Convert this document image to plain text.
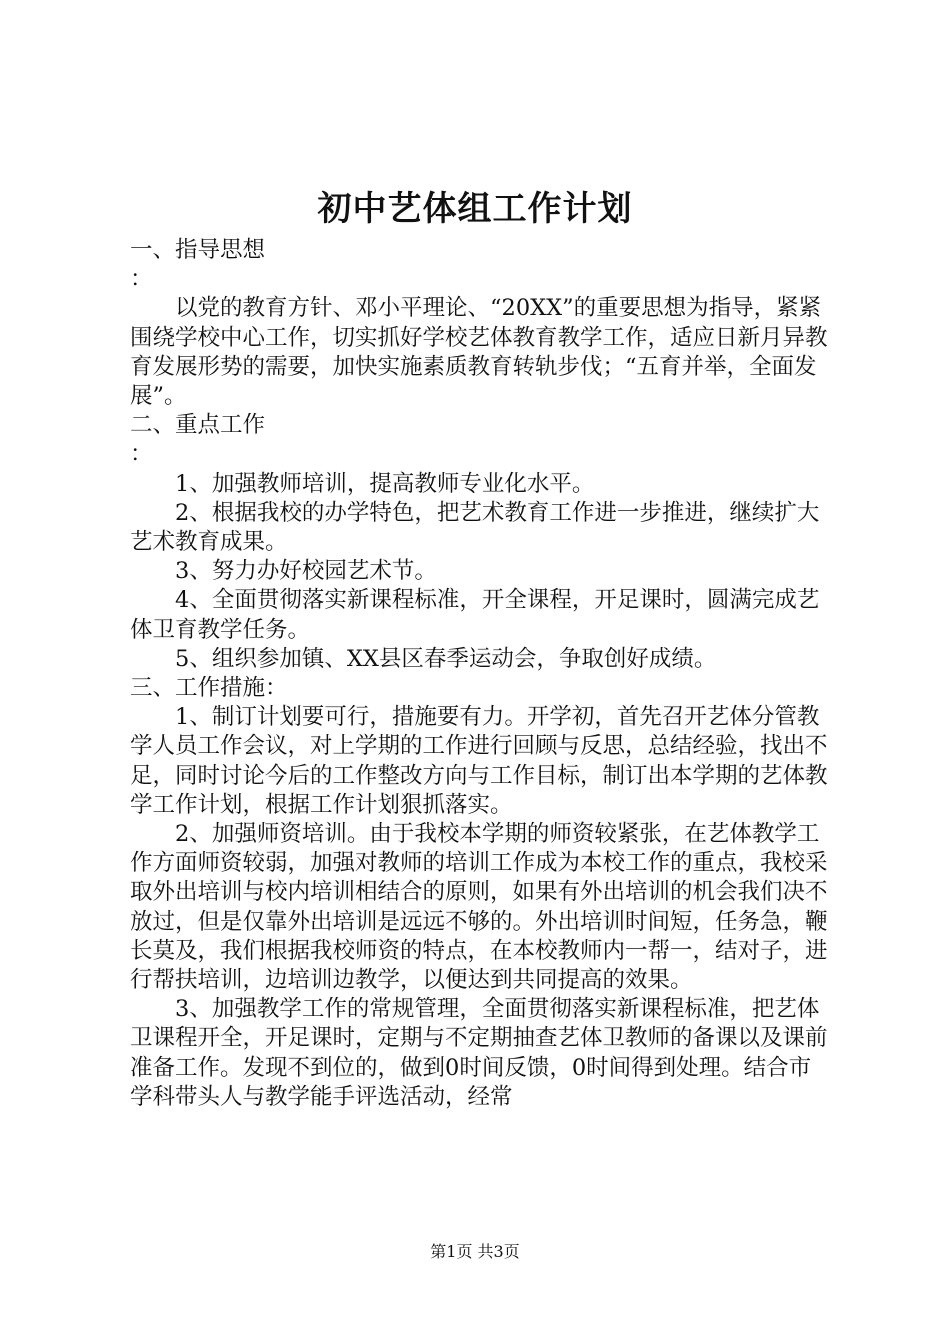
初中艺体组工作计划

一、指导思想

：

以党的教育方针、邓小平理论、“20XX”的重要思想为指导，紧紧围绕学校中心工作，切实抓好学校艺体教育教学工作，适应日新月异教育发展形势的需要，加快实施素质教育转轨步伐；“五育并举，全面发展”。

二、重点工作

：

1、加强教师培训，提高教师专业化水平。

2、根据我校的办学特色，把艺术教育工作进一步推进，继续扩大艺术教育成果。

3、努力办好校园艺术节。

4、全面贯彻落实新课程标准，开全课程，开足课时，圆满完成艺体卫育教学任务。

5、组织参加镇、XX县区春季运动会，争取创好成绩。

三、工作措施：

1、制订计划要可行，措施要有力。开学初，首先召开艺体分管教学人员工作会议，对上学期的工作进行回顾与反思，总结经验，找出不足，同时讨论今后的工作整改方向与工作目标，制订出本学期的艺体教学工作计划，根据工作计划狠抓落实。

2、加强师资培训。由于我校本学期的师资较紧张，在艺体教学工作方面师资较弱，加强对教师的培训工作成为本校工作的重点，我校采取外出培训与校内培训相结合的原则，如果有外出培训的机会我们决不放过，但是仅靠外出培训是远远不够的。外出培训时间短，任务急，鞭长莫及，我们根据我校师资的特点，在本校教师内一帮一，结对子，进行帮扶培训，边培训边教学，以便达到共同提高的效果。

3、加强教学工作的常规管理，全面贯彻落实新课程标准，把艺体卫课程开全，开足课时，定期与不定期抽查艺体卫教师的备课以及课前准备工作。发现不到位的，做到0时间反馈，0时间得到处理。结合市学科带头人与教学能手评选活动，经常

第1页 共3页
